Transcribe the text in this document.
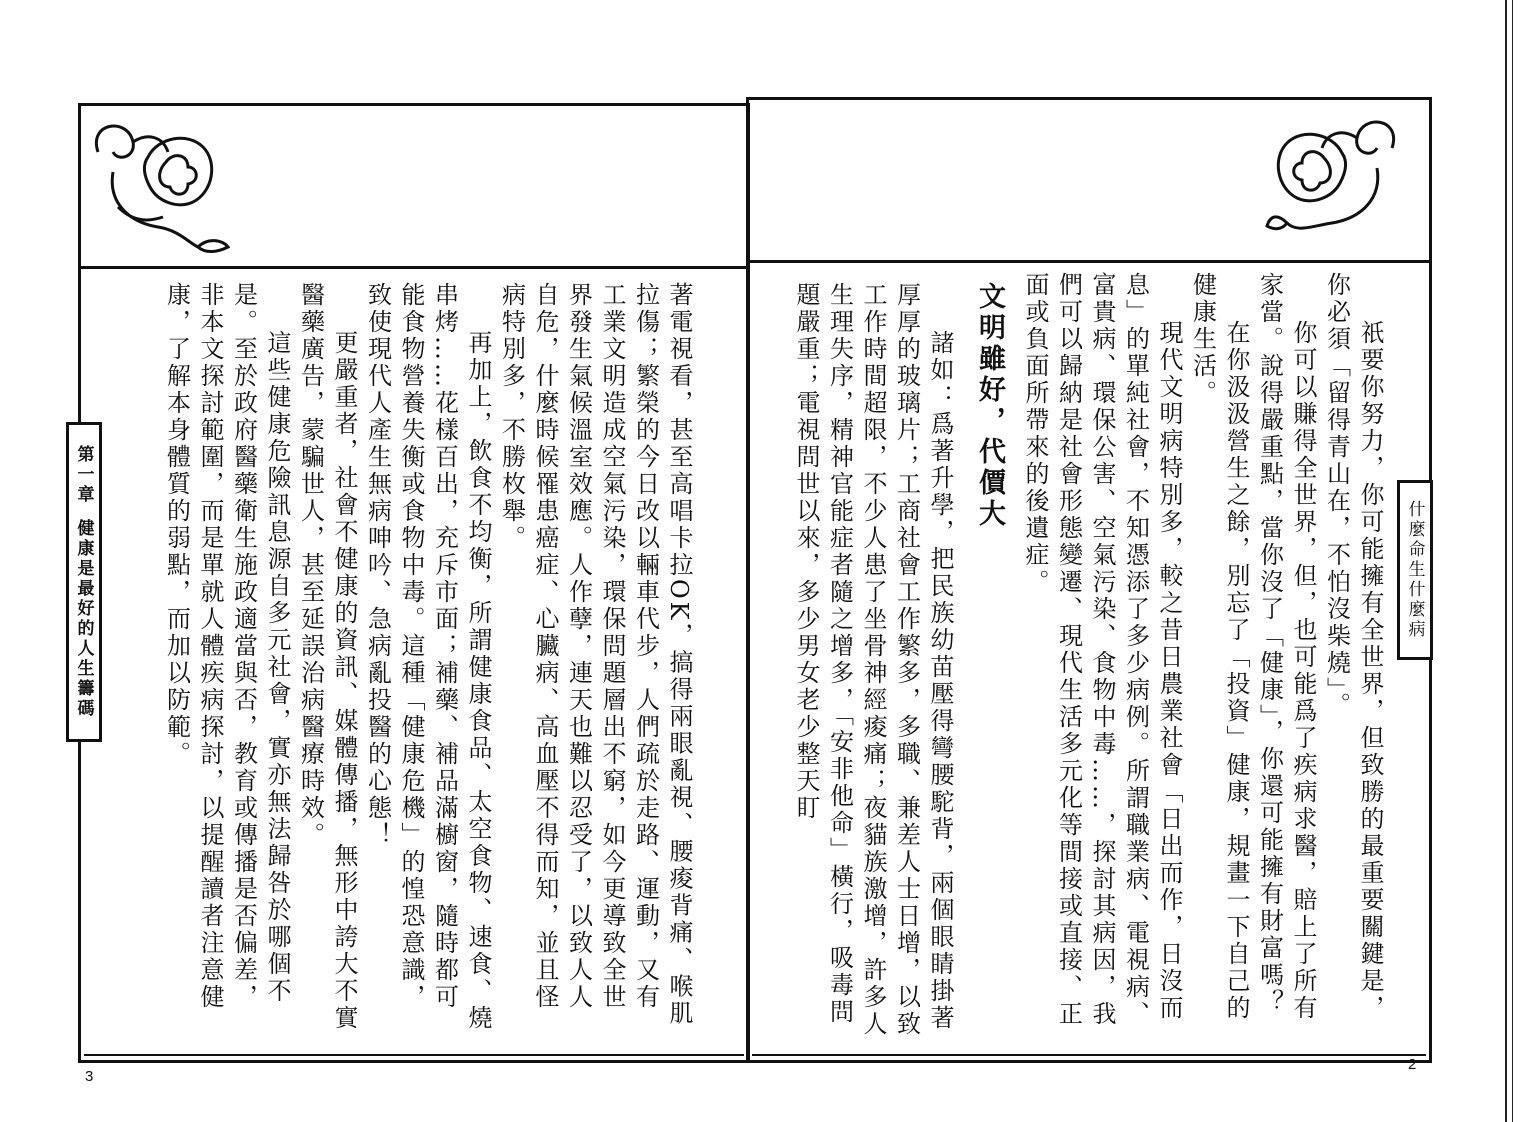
第一章
健康是最好的人生籌碼	什麼命生什麼病
著電視看，甚至高唱卡拉OK，搞得兩眼亂視、腰痠背痛、喉肌拉傷；繁榮的今日改以輛車代步，人們疏於走路、運動，又有工業文明造成空氣污染，環保問題層出不窮，如今更導致全世界發生氣候溫室效應。人作孽，連天也難以忍受了，以致人人自危，什麼時候罹患癌症、心臟病、高血壓不得而知，並且怪病特別多，不勝枚舉。
再加上，飲食不均衡，所謂健康食品、太空食物、速食、燒串烤……花樣百出，充斥市面；補藥、補品滿櫥窗，隨時都可能食物營養失衡或食物中毒。這種「健康危機」的惶恐意識，致使現代人產生無病呻吟、急病亂投醫的心態！
更嚴重者，社會不健康的資訊、媒體傳播，無形中誇大不實醫藥廣告，蒙騙世人，甚至延誤治病醫療時效。
這些健康危險訊息源自多元社會，實亦無法歸咎於哪個不是。至於政府醫藥衛生施政適當與否，教育或傳播是否偏差，非本文探討範圍，而是單就人體疾病探討，以提醒讀者注意健康，了解本身體質的弱點，而加以防範。	祇要你努力，你可能擁有全世界，但致勝的最重要關鍵是，你必須「留得青山在，不怕沒柴燒」。
你可以賺得全世界，但，也可能爲了疾病求醫，賠上了所有家當。說得嚴重點，當你沒了「健康」，你還可能擁有財富嗎？
在你汲汲營生之餘，別忘了「投資」健康，規畫一下自己的健康生活。
現代文明病特別多，較之昔日農業社會「日出而作，日沒而息」的單純社會，不知憑添了多少病例。所謂職業病、電視病、富貴病、環保公害、空氣污染、食物中毒……，探討其病因，我們可以歸納是社會形態變遷、現代生活多元化等間接或直接、正面或負面所帶來的後遺症。
文明雖好，代價大
諸如：爲著升學，把民族幼苗壓得彎腰駝背，兩個眼睛掛著厚厚的玻璃片；工商社會工作繁多，多職、兼差人士日增，以致工作時間超限，不少人患了坐骨神經痠痛；夜貓族激增，許多人生理失序，精神官能症者隨之增多，「安非他命」橫行，吸毒問題嚴重；電視問世以來，多少男女老少整天盯
3
2
